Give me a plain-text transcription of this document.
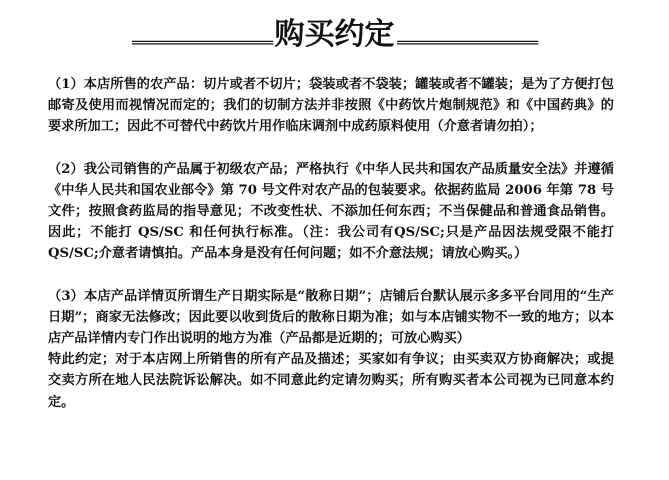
========================== 购买约定 ==========================

（1）本店所售的农产品：切片或者不切片；袋装或者不袋装；罐装或者不罐装；是为了方便打包邮寄及使用而视情况而定的；我们的切制方法并非按照《中药饮片炮制规范》和《中国药典》的要求所加工；因此不可替代中药饮片用作临床调剂中成药原料使用（介意者请勿拍）；

（2）我公司销售的产品属于初级农产品；严格执行《中华人民共和国农产品质量安全法》并遵循《中华人民共和国农业部令》第 70 号文件对农产品的包装要求。依据药监局 2006 年第 78 号文件；按照食药监局的指导意见；不改变性状、不添加任何东西；不当保健品和普通食品销售。因此；不能打 QS/SC 和任何执行标准。（注：我公司有QS/SC;只是产品因法规受限不能打 QS/SC;介意者请慎拍。产品本身是没有任何问题；如不介意法规；请放心购买。）

（3）本店产品详情页所谓生产日期实际是“散称日期”；店铺后台默认展示多多平台同用的“生产日期”；商家无法修改；因此要以收到货后的散称日期为准；如与本店铺实物不一致的地方；以本店产品详情内专门作出说明的地方为准（产品都是近期的；可放心购买）

特此约定；对于本店网上所销售的所有产品及描述；买家如有争议；由买卖双方协商解决；或提交卖方所在地人民法院诉讼解决。如不同意此约定请勿购买；所有购买者本公司视为已同意本约定。
